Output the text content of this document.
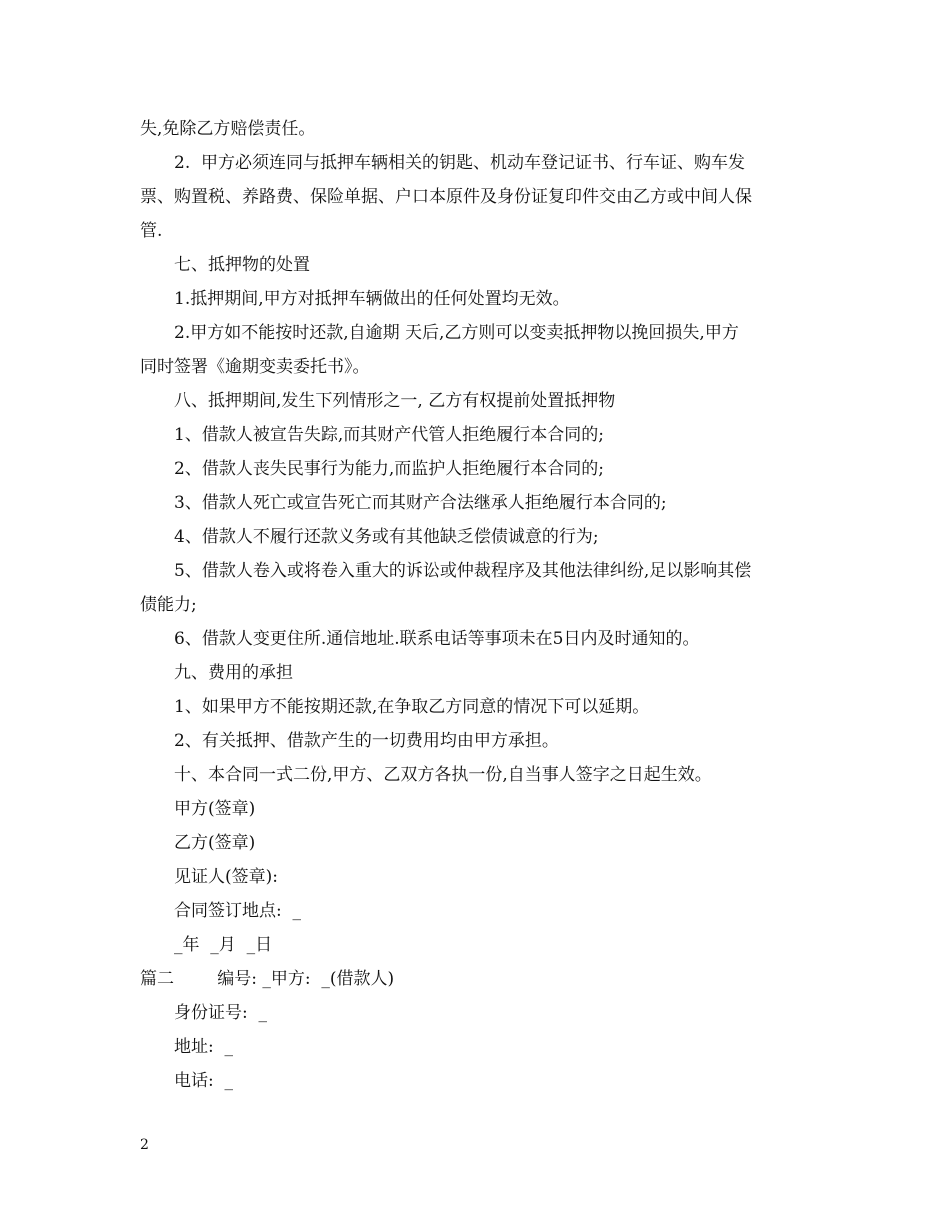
失,免除乙方赔偿责任。
2.  甲方必须连同与抵押车辆相关的钥匙、机动车登记证书、行车证、购车发
票、购置税、养路费、保险单据、户口本原件及身份证复印件交由乙方或中间人保
管.
七、抵押物的处置
1.抵押期间,甲方对抵押车辆做出的任何处置均无效。
2.甲方如不能按时还款,自逾期 天后,乙方则可以变卖抵押物以挽回损失,甲方
同时签署《逾期变卖委托书》。
八、抵押期间,发生下列情形之一, 乙方有权提前处置抵押物
1、借款人被宣告失踪,而其财产代管人拒绝履行本合同的;
2、借款人丧失民事行为能力,而监护人拒绝履行本合同的;
3、借款人死亡或宣告死亡而其财产合法继承人拒绝履行本合同的;
4、借款人不履行还款义务或有其他缺乏偿债诚意的行为;
5、借款人卷入或将卷入重大的诉讼或仲裁程序及其他法律纠纷,足以影响其偿
债能力;
6、借款人变更住所.通信地址.联系电话等事项未在5日内及时通知的。
九、费用的承担
1、如果甲方不能按期还款,在争取乙方同意的情况下可以延期。
2、有关抵押、借款产生的一切费用均由甲方承担。
十、本合同一式二份,甲方、乙双方各执一份,自当事人签字之日起生效。
甲方(签章)
乙方(签章)
见证人(签章):
合同签订地点:  _
_年  _月  _日
篇二        编号: _甲方:  _(借款人)
身份证号:  _
地址:  _
电话:  _
2
